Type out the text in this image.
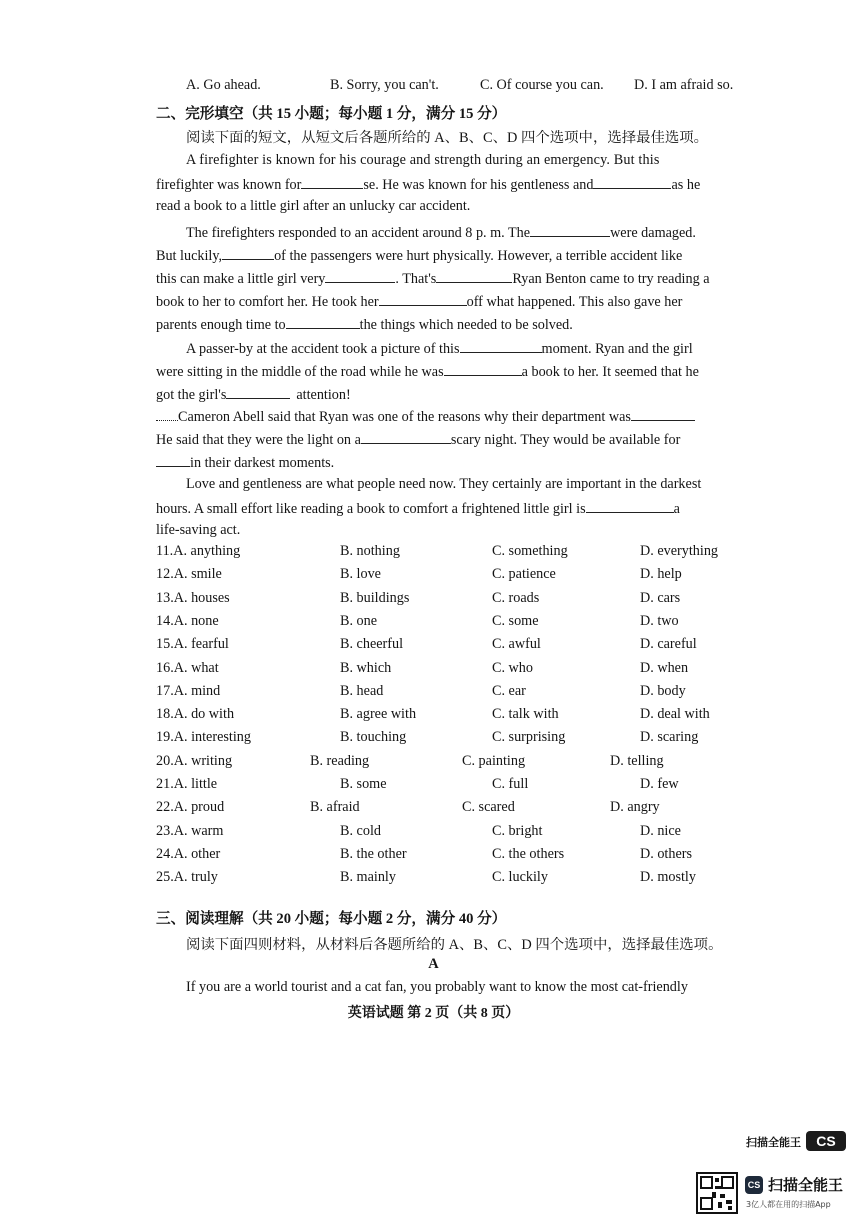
A. Go ahead.	B. Sorry, you can't.	C. Of course you can. D. I am afraid so.
二、完形填空（共 15 小题；每小题 1 分，满分 15 分）
阅读下面的短文，从短文后各题所给的 A、B、C、D 四个选项中，选择最佳选项。
A firefighter is known for his courage and strength during an emergency. But this
firefighter was known for	se. He was known for his gentleness and	as he
read a book to a little girl after an unlucky car accident.
The firefighters responded to an accident around 8 p. m. The	were damaged.
But luckily,	of the passengers were hurt physically. However, a terrible accident like
this can make a little girl very	. That's	Ryan Benton came to try reading a
book to her to comfort her. He took her	off what happened. This also gave her
parents enough time to	the things which needed to be solved.
A passer-by at the accident took a picture of this	moment. Ryan and the girl
were sitting in the middle of the road while he was	a book to her. It seemed that he
got the girl's	attention!
Cameron Abell said that Ryan was one of the reasons why their department was
He said that they were the light on a	scary night. They would be available for
in their darkest moments.
Love and gentleness are what people need now. They certainly are important in the darkest
hours. A small effort like reading a book to comfort a frightened little girl is	a
life-saving act.
11.A. anything	B. nothing	C. something	D. everything
12.A. smile	B. love	C. patience	D. help
13.A. houses	B. buildings	C. roads	D. cars
14.A. none	B. one	C. some	D. two
15.A. fearful	B. cheerful	C. awful	D. careful
16.A. what	B. which	C. who	D. when
17.A. mind	B. head	C. ear	D. body
18.A. do with	B. agree with	C. talk with	D. deal with
19.A. interesting	B. touching	C. surprising	D. scaring
20.A. writing	B. reading	C. painting	D. telling
21.A. little	B. some	C. full	D. few
22.A. proud	B. afraid	C. scared	D. angry
23.A. warm	B. cold	C. bright	D. nice
24.A. other	B. the other	C. the others	D. others
25.A. truly	B. mainly	C. luckily	D. mostly
三、阅读理解（共 20 小题；每小题 2 分，满分 40 分）
阅读下面四则材料，从材料后各题所给的 A、B、C、D 四个选项中，选择最佳选项。
A
If you are a world tourist and a cat fan, you probably want to know the most cat-friendly
英语试题 第 2 页（共 8 页）
扫描全能王	CS
CS 扫描全能王
3亿人都在用的扫描App
